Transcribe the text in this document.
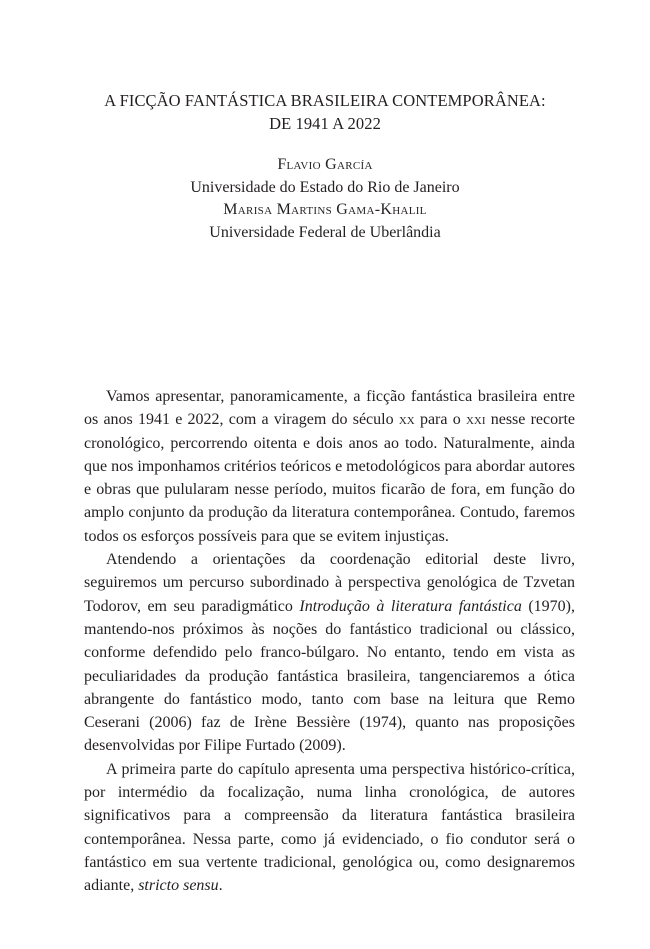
A FICÇÃO FANTÁSTICA BRASILEIRA CONTEMPORÂNEA:
DE 1941 A 2022
Flavio García
Universidade do Estado do Rio de Janeiro
Marisa Martins Gama-Khalil
Universidade Federal de Uberlândia

Vamos apresentar, panoramicamente, a ficção fantástica brasileira entre os anos 1941 e 2022, com a viragem do século xx para o xxi nesse recorte cronológico, percorrendo oitenta e dois anos ao todo. Naturalmente, ainda que nos imponhamos critérios teóricos e metodológicos para abordar autores e obras que pulularam nesse período, muitos ficarão de fora, em função do amplo conjunto da produção da literatura contemporânea. Contudo, faremos todos os esforços possíveis para que se evitem injustiças.

Atendendo a orientações da coordenação editorial deste livro, seguiremos um percurso subordinado à perspectiva genológica de Tzvetan Todorov, em seu paradigmático Introdução à literatura fantástica (1970), mantendo-nos próximos às noções do fantástico tradicional ou clássico, conforme defendido pelo franco-búlgaro. No entanto, tendo em vista as peculiaridades da produção fantástica brasileira, tangenciaremos a ótica abrangente do fantástico modo, tanto com base na leitura que Remo Ceserani (2006) faz de Irène Bessière (1974), quanto nas proposições desenvolvidas por Filipe Furtado (2009).

A primeira parte do capítulo apresenta uma perspectiva histórico-crítica, por intermédio da focalização, numa linha cronológica, de autores significativos para a compreensão da literatura fantástica brasileira contemporânea. Nessa parte, como já evidenciado, o fio condutor será o fantástico em sua vertente tradicional, genológica ou, como designaremos adiante, stricto sensu.
